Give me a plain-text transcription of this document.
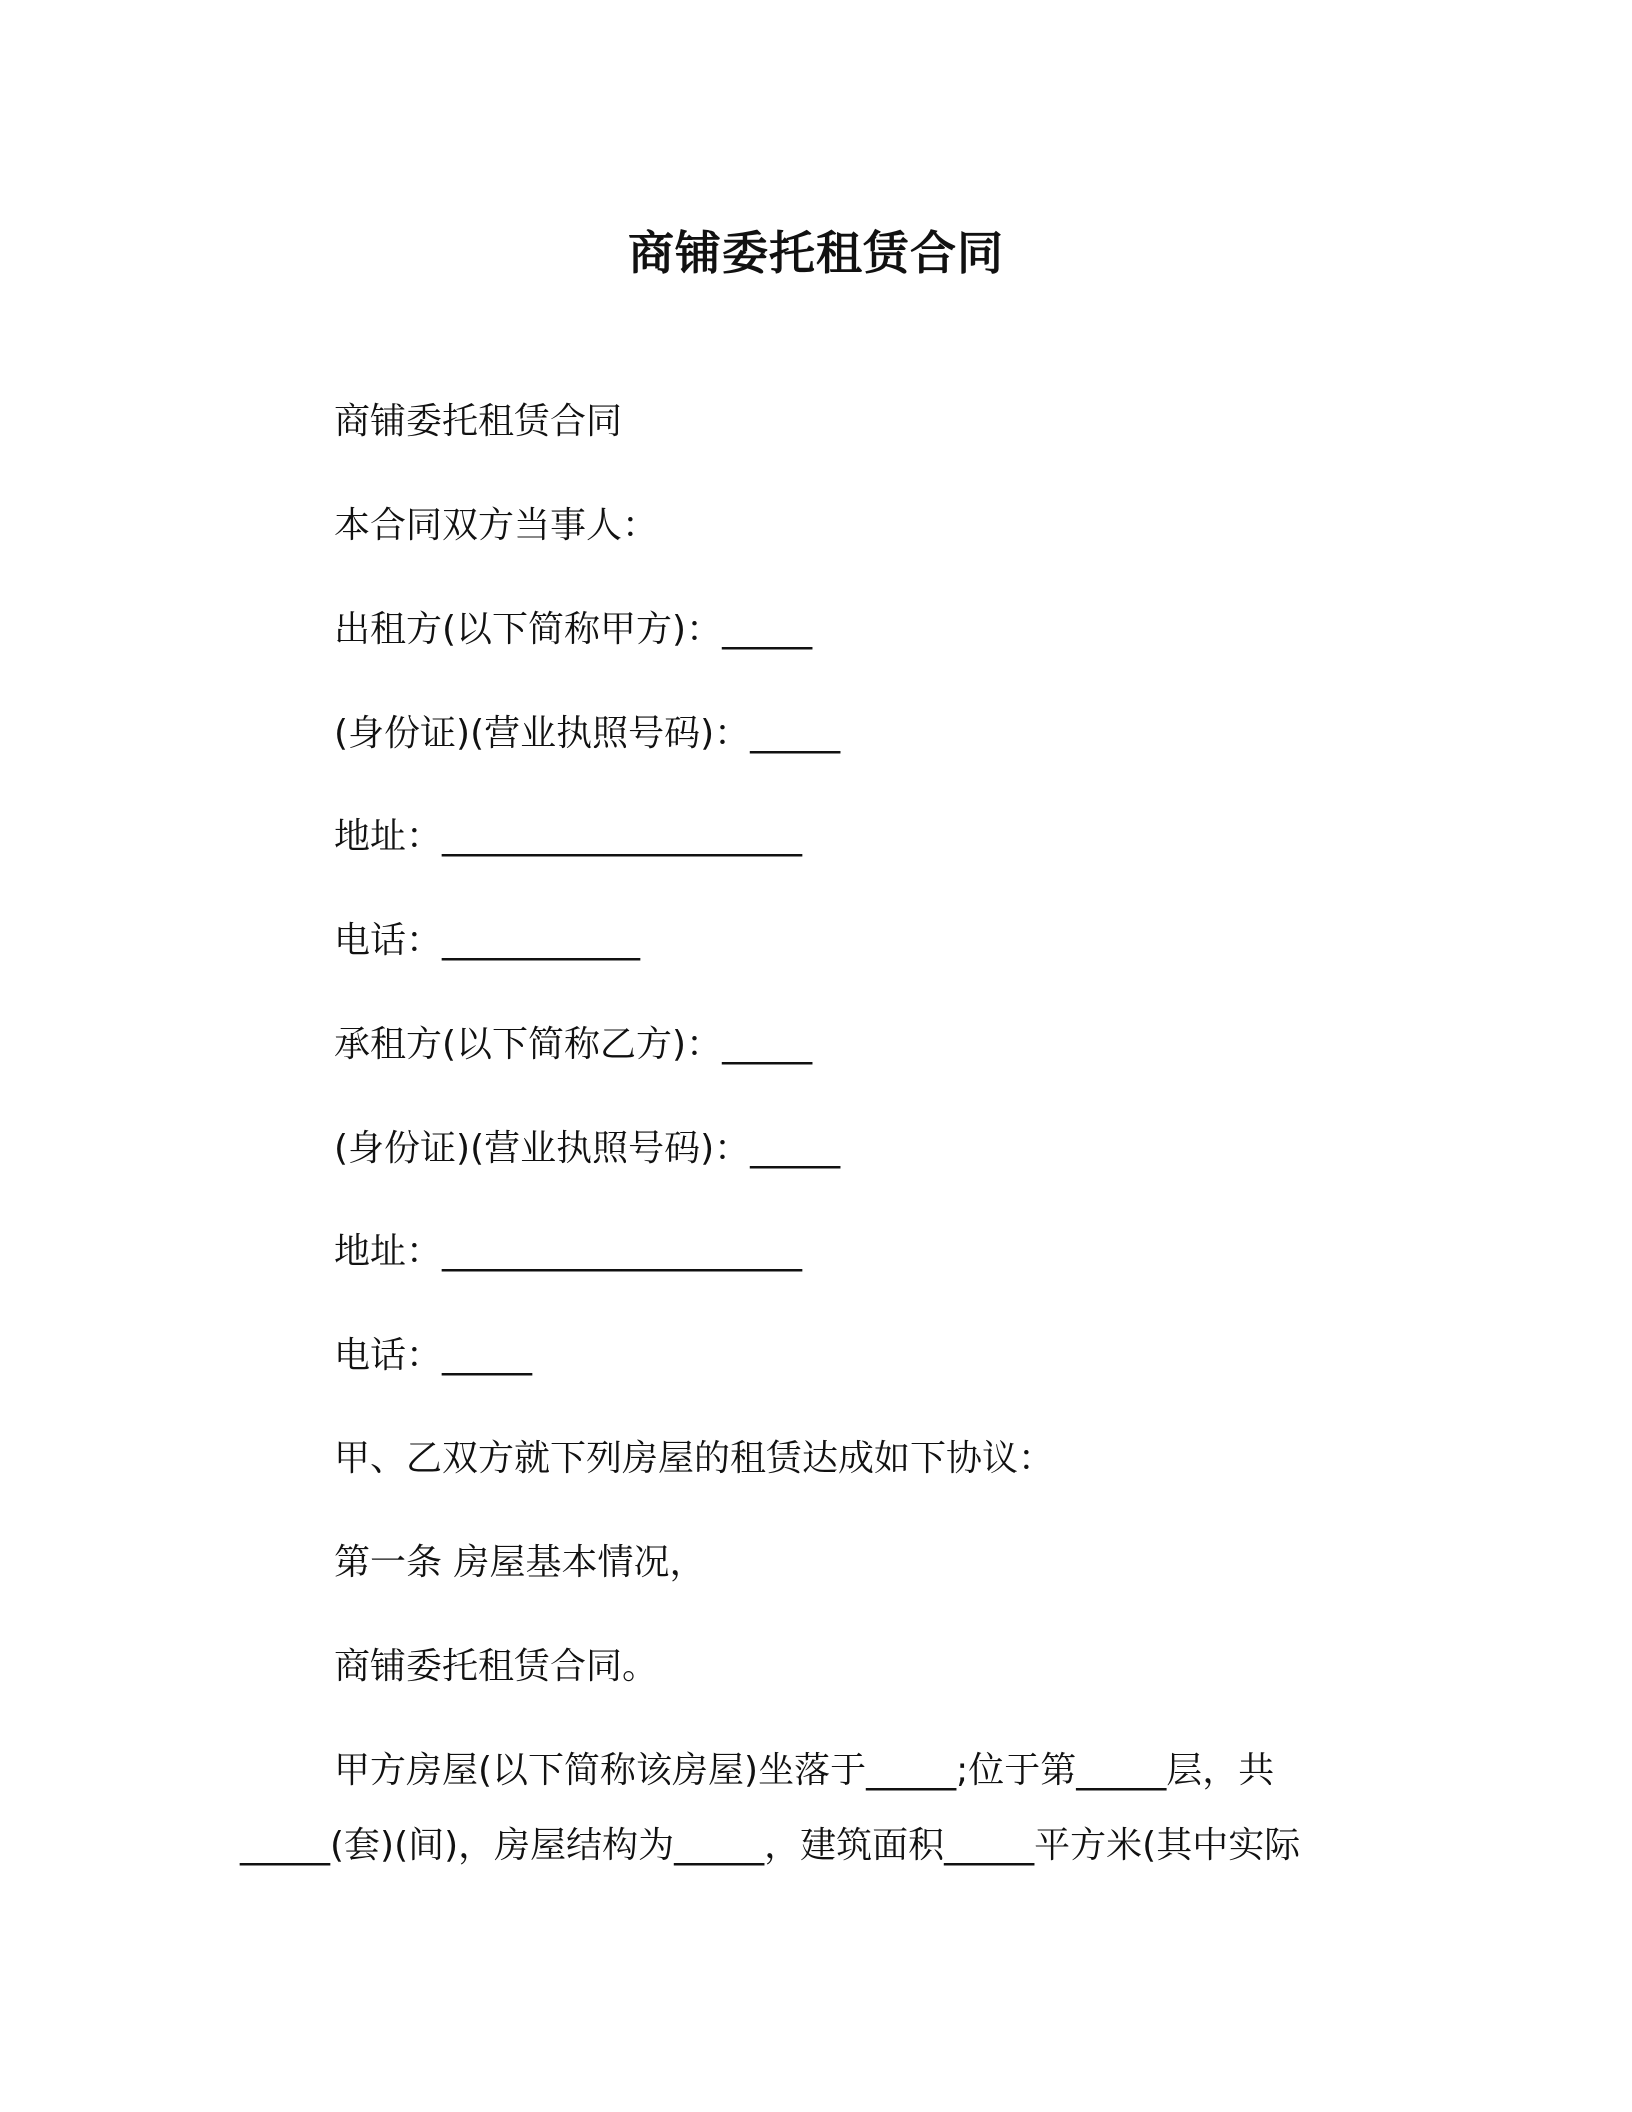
商铺委托租赁合同
商铺委托租赁合同
本合同双方当事人：
出租方(以下简称甲方)：_____
(身份证)(营业执照号码)：_____
地址：____________________
电话：___________
承租方(以下简称乙方)：_____
(身份证)(营业执照号码)：_____
地址：____________________
电话：_____
甲、乙双方就下列房屋的租赁达成如下协议：
第一条 房屋基本情况，
商铺委托租赁合同。
甲方房屋(以下简称该房屋)坐落于_____;位于第_____层，共
_____(套)(间)，房屋结构为_____，建筑面积_____平方米(其中实际
